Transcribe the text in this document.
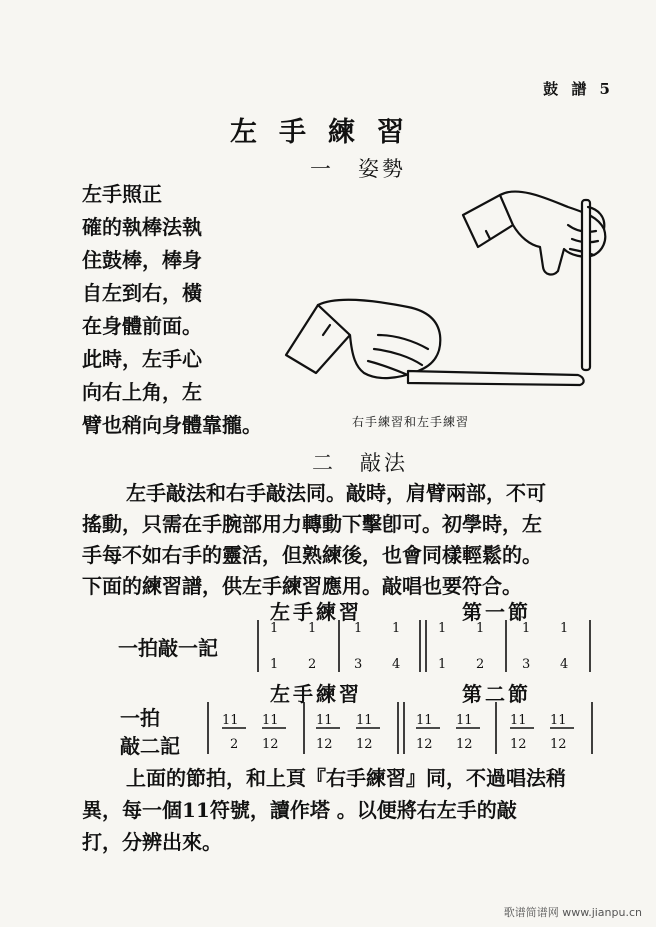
鼓 譜 5
左手練習
一　姿勢
左手照正
確的執棒法執
住鼓棒，棒身
自左到右，橫
在身體前面。
此時，左手心
向右上角，左
臂也稍向身體靠攏。	右手練習和左手練習
二　敲法
左手敲法和右手敲法同。敲時，肩臂兩部，不可
搖動，只需在手腕部用力轉動下擊卽可。初學時，左
手每不如右手的靈活，但熟練後，也會同樣輕鬆的。
下面的練習譜，供左手練習應用。敲唱也要符合。
左手練習	第一節
一拍敲一記
1 1
1 2
1 1
3 4
1 1
1 2
1 1
3 4
左手練習	第二節
一拍
敲二記
11 11
2 12
11 11
12 12
11 11
12 12
11 11
12 12
上面的節拍，和上頁『右手練習』同，不過唱法稍
異，每一個11符號，讀作塔 。以便將右左手的敲
打，分辨出來。
歌谱简谱网 www.jianpu.cn
